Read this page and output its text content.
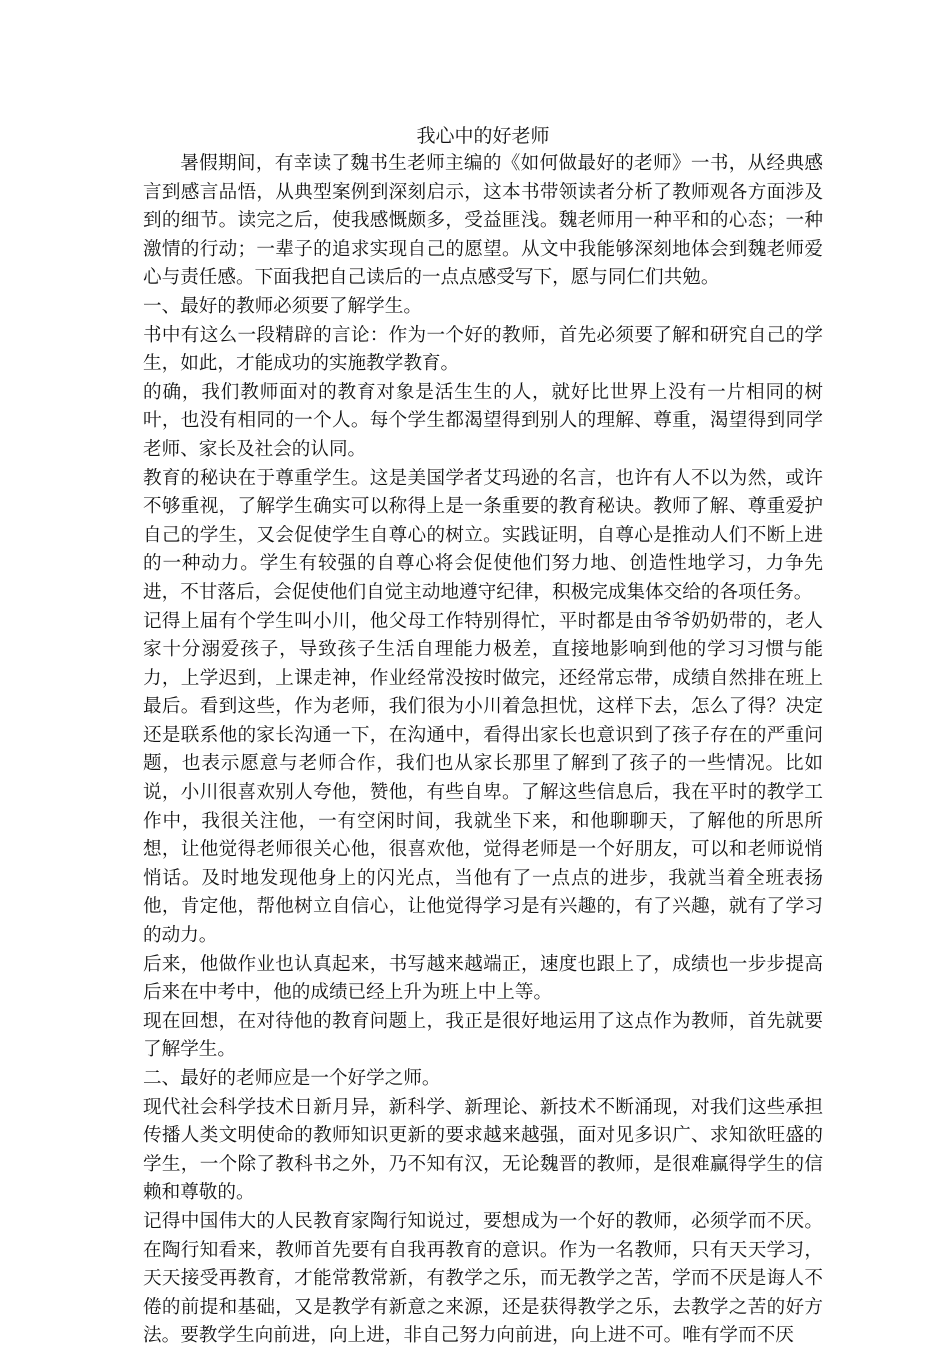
我心中的好老师

暑假期间，有幸读了魏书生老师主编的《如何做最好的老师》一书，从经典感言到感言品悟，从典型案例到深刻启示，这本书带领读者分析了教师观各方面涉及到的细节。读完之后，使我感慨颇多，受益匪浅。魏老师用一种平和的心态；一种激情的行动；一辈子的追求实现自己的愿望。从文中我能够深刻地体会到魏老师爱心与责任感。下面我把自己读后的一点点感受写下，愿与同仁们共勉。

一、最好的教师必须要了解学生。

书中有这么一段精辟的言论：作为一个好的教师，首先必须要了解和研究自己的学生，如此，才能成功的实施教学教育。

的确，我们教师面对的教育对象是活生生的人，就好比世界上没有一片相同的树叶，也没有相同的一个人。每个学生都渴望得到别人的理解、尊重，渴望得到同学老师、家长及社会的认同。

教育的秘诀在于尊重学生。这是美国学者艾玛逊的名言，也许有人不以为然，或许不够重视，了解学生确实可以称得上是一条重要的教育秘诀。教师了解、尊重爱护自己的学生，又会促使学生自尊心的树立。实践证明，自尊心是推动人们不断上进的一种动力。学生有较强的自尊心将会促使他们努力地、创造性地学习，力争先进，不甘落后，会促使他们自觉主动地遵守纪律，积极完成集体交给的各项任务。

记得上届有个学生叫小川，他父母工作特别得忙，平时都是由爷爷奶奶带的，老人家十分溺爱孩子，导致孩子生活自理能力极差，直接地影响到他的学习习惯与能力，上学迟到，上课走神，作业经常没按时做完，还经常忘带，成绩自然排在班上最后。看到这些，作为老师，我们很为小川着急担忧，这样下去，怎么了得？决定还是联系他的家长沟通一下，在沟通中，看得出家长也意识到了孩子存在的严重问题，也表示愿意与老师合作，我们也从家长那里了解到了孩子的一些情况。比如说，小川很喜欢别人夸他，赞他，有些自卑。了解这些信息后，我在平时的教学工作中，我很关注他，一有空闲时间，我就坐下来，和他聊聊天，了解他的所思所想，让他觉得老师很关心他，很喜欢他，觉得老师是一个好朋友，可以和老师说悄悄话。及时地发现他身上的闪光点，当他有了一点点的进步，我就当着全班表扬他，肯定他，帮他树立自信心，让他觉得学习是有兴趣的，有了兴趣，就有了学习的动力。

后来，他做作业也认真起来，书写越来越端正，速度也跟上了，成绩也一步步提高后来在中考中，他的成绩已经上升为班上中上等。

现在回想，在对待他的教育问题上，我正是很好地运用了这点作为教师，首先就要了解学生。

二、最好的老师应是一个好学之师。

现代社会科学技术日新月异，新科学、新理论、新技术不断涌现，对我们这些承担传播人类文明使命的教师知识更新的要求越来越强，面对见多识广、求知欲旺盛的学生，一个除了教科书之外，乃不知有汉，无论魏晋的教师，是很难赢得学生的信赖和尊敬的。

记得中国伟大的人民教育家陶行知说过，要想成为一个好的教师，必须学而不厌。在陶行知看来，教师首先要有自我再教育的意识。作为一名教师，只有天天学习，天天接受再教育，才能常教常新，有教学之乐，而无教学之苦，学而不厌是诲人不倦的前提和基础，又是教学有新意之来源，还是获得教学之乐，去教学之苦的好方法。要教学生向前进，向上进，非自己努力向前进，向上进不可。唯有学而不厌
